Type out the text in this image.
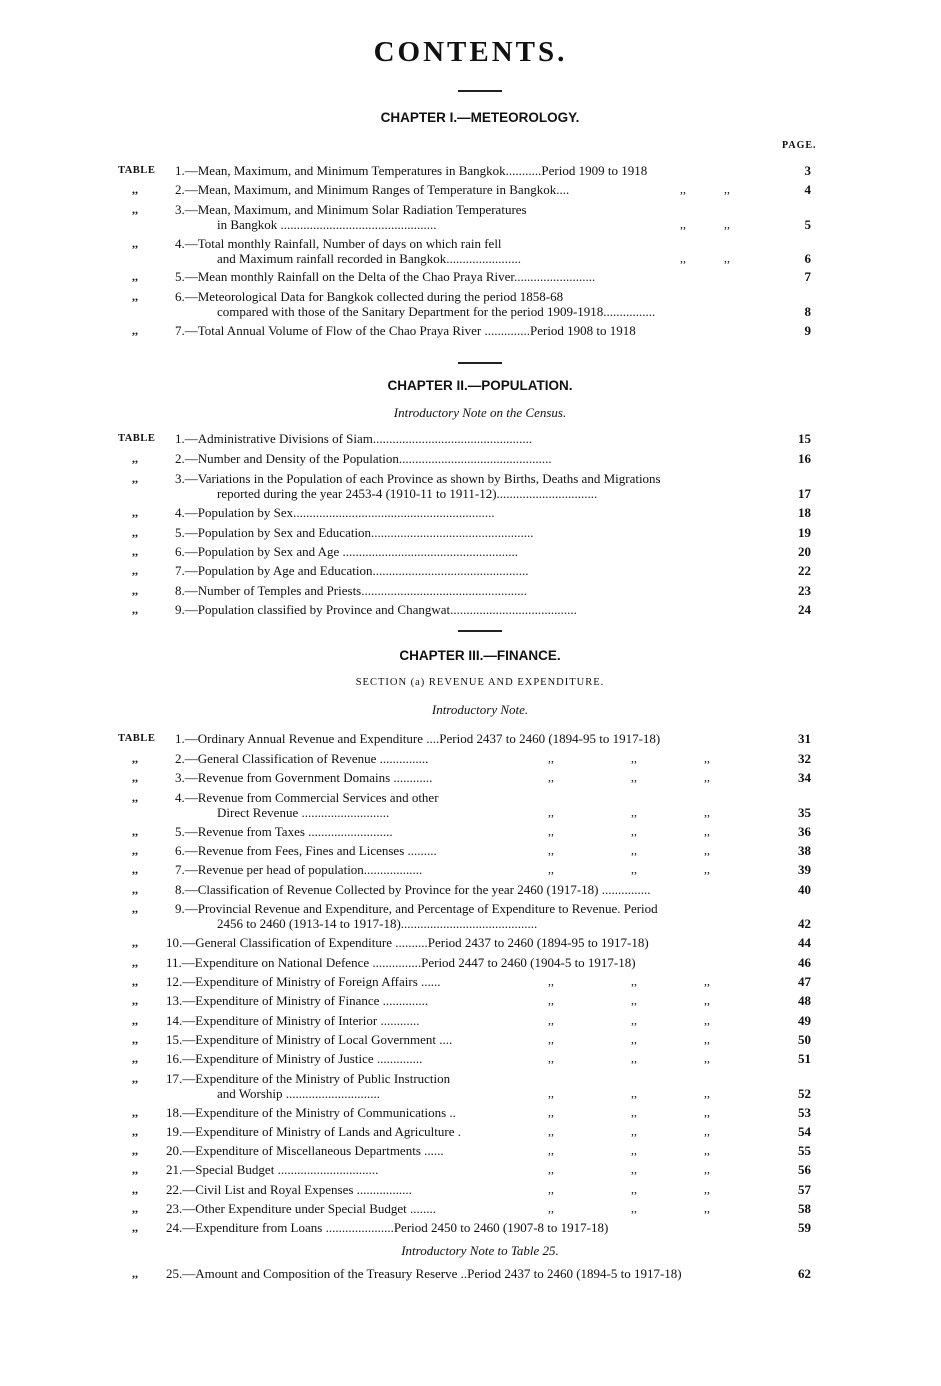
CONTENTS.
CHAPTER I.—METEOROLOGY.
PAGE.
TABLE 1.—Mean, Maximum, and Minimum Temperatures in Bangkok...........Period 1909 to 1918	3
,,	2.—Mean, Maximum, and Minimum Ranges of Temperature in Bangkok....	,,	,,	4
,,	3.—Mean, Maximum, and Minimum Solar Radiation Temperatures
in Bangkok ................................................	,,	,,	5
,,	4.—Total monthly Rainfall, Number of days on which rain fell
and Maximum rainfall recorded in Bangkok.......................	,,	,,	6
,,	5.—Mean monthly Rainfall on the Delta of the Chao Praya River.........................	7
,,	6.—Meteorological Data for Bangkok collected during the period 1858-68
compared with those of the Sanitary Department for the period 1909-1918................	8
,,	7.—Total Annual Volume of Flow of the Chao Praya River ..............Period 1908 to 1918	9
CHAPTER II.—POPULATION.
Introductory Note on the Census.
TABLE 1.—Administrative Divisions of Siam.................................................	15
,,	2.—Number and Density of the Population...............................................	16
,,	3.—Variations in the Population of each Province as shown by Births, Deaths and Migrations
reported during the year 2453-4 (1910-11 to 1911-12)...............................	17
,,	4.—Population by Sex..............................................................	18
,,	5.—Population by Sex and Education..................................................	19
,,	6.—Population by Sex and Age ......................................................	20
,,	7.—Population by Age and Education................................................	22
,,	8.—Number of Temples and Priests...................................................	23
,,	9.—Population classified by Province and Changwat.......................................	24
CHAPTER III.—FINANCE.
SECTION (a) REVENUE AND EXPENDITURE.
Introductory Note.
TABLE 1.—Ordinary Annual Revenue and Expenditure ....Period 2437 to 2460 (1894-95 to 1917-18)	31
,,	2.—General Classification of Revenue ...............	,,	,,	,,	32
,,	3.—Revenue from Government Domains ............	,,	,,	,,	34
,,	4.—Revenue from Commercial Services and other
Direct Revenue ...........................	,,	,,	,,	35
,,	5.—Revenue from Taxes ..........................	,,	,,	,,	36
,,	6.—Revenue from Fees, Fines and Licenses .........	,,	,,	,,	38
,,	7.—Revenue per head of population..................	,,	,,	,,	39
,,	8.—Classification of Revenue Collected by Province for the year 2460 (1917-18) ...............	40
,,	9.—Provincial Revenue and Expenditure, and Percentage of Expenditure to Revenue. Period
2456 to 2460 (1913-14 to 1917-18)..........................................	42
,, 10.—General Classification of Expenditure ..........Period 2437 to 2460 (1894-95 to 1917-18)	44
,, 11.—Expenditure on National Defence ...............Period 2447 to 2460 (1904-5 to 1917-18)	46
,, 12.—Expenditure of Ministry of Foreign Affairs ......	,,	,,	,,	47
,, 13.—Expenditure of Ministry of Finance ..............	,,	,,	,,	48
,, 14.—Expenditure of Ministry of Interior ............	,,	,,	,,	49
,, 15.—Expenditure of Ministry of Local Government ....	,,	,,	,,	50
,, 16.—Expenditure of Ministry of Justice ..............	,,	,,	,,	51
,, 17.—Expenditure of the Ministry of Public Instruction
and Worship .............................	,,	,,	,,	52
,, 18.—Expenditure of the Ministry of Communications ..	,,	,,	,,	53
,, 19.—Expenditure of Ministry of Lands and Agriculture .	,,	,,	,,	54
,, 20.—Expenditure of Miscellaneous Departments ......	,,	,,	,,	55
,, 21.—Special Budget ...............................	,,	,,	,,	56
,, 22.—Civil List and Royal Expenses .................	,,	,,	,,	57
,, 23.—Other Expenditure under Special Budget ........	,,	,,	,,	58
,, 24.—Expenditure from Loans .....................Period 2450 to 2460 (1907-8 to 1917-18)	59
,, 25.—Amount and Composition of the Treasury Reserve ..Period 2437 to 2460 (1894-5 to 1917-18)	62
Introductory Note to Table 25.
